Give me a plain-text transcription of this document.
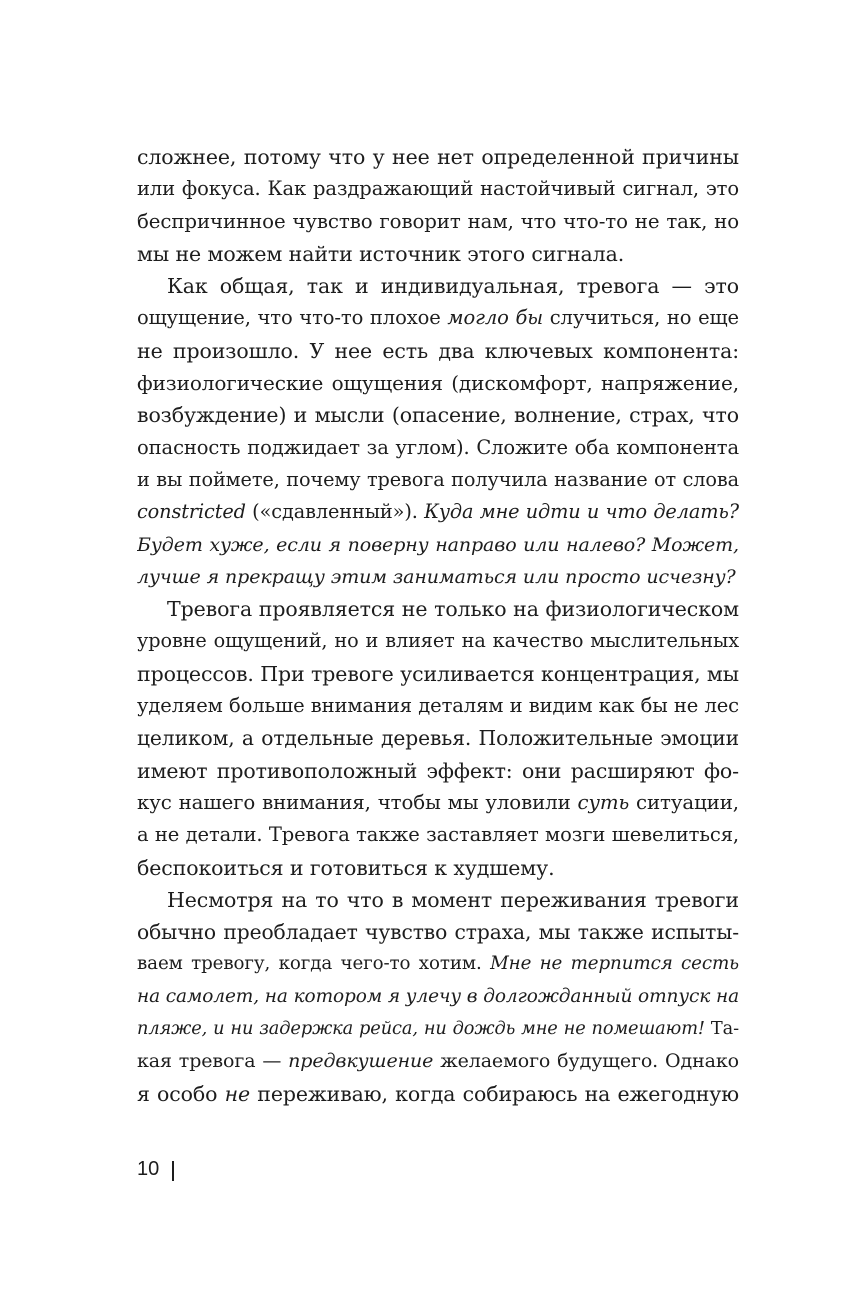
сложнее, потому что у нее нет определенной причины
или фокуса. Как раздражающий настойчивый сигнал, это
беспричинное чувство говорит нам, что что-то не так, но
мы не можем найти источник этого сигнала.
Как общая, так и индивидуальная, тревога — это
ощущение, что что-то плохое могло бы случиться, но еще
не произошло. У нее есть два ключевых компонента:
физиологические ощущения (дискомфорт, напряжение,
возбуждение) и мысли (опасение, волнение, страх, что
опасность поджидает за углом). Сложите оба компонента
и вы поймете, почему тревога получила название от слова
constricted («сдавленный»). Куда мне идти и что делать?
Будет хуже, если я поверну направо или налево? Может,
лучше я прекращу этим заниматься или просто исчезну?
Тревога проявляется не только на физиологическом
уровне ощущений, но и влияет на качество мыслительных
процессов. При тревоге усиливается концентрация, мы
уделяем больше внимания деталям и видим как бы не лес
целиком, а отдельные деревья. Положительные эмоции
имеют противоположный эффект: они расширяют фо-
кус нашего внимания, чтобы мы уловили суть ситуации,
а не детали. Тревога также заставляет мозги шевелиться,
беспокоиться и готовиться к худшему.
Несмотря на то что в момент переживания тревоги
обычно преобладает чувство страха, мы также испыты-
ваем тревогу, когда чего-то хотим. Мне не терпится сесть
на самолет, на котором я улечу в долгожданный отпуск на
пляже, и ни задержка рейса, ни дождь мне не помешают! Та-
кая тревога — предвкушение желаемого будущего. Однако
я особо не переживаю, когда собираюсь на ежегодную
10
